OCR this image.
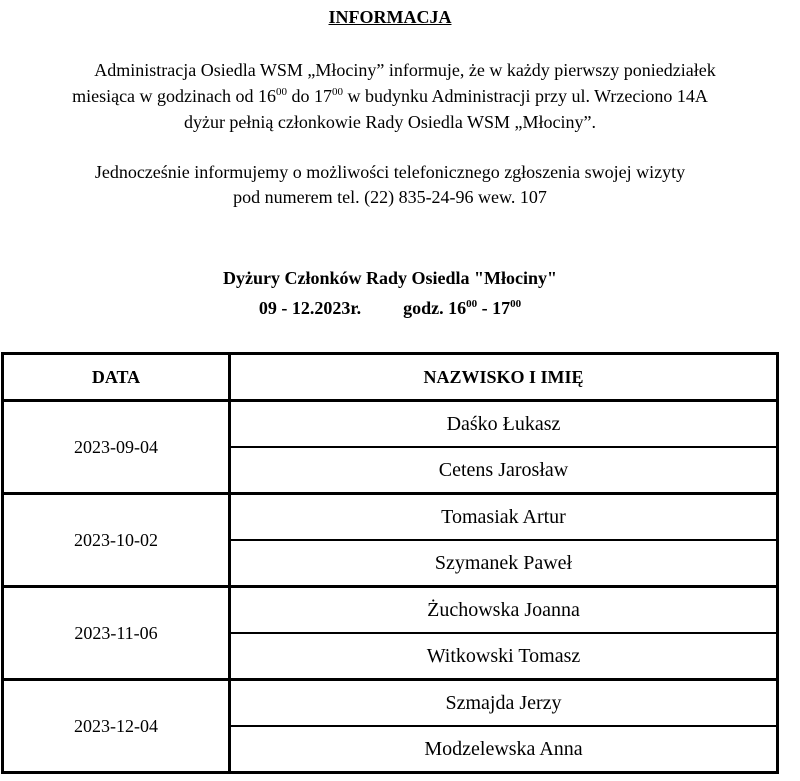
INFORMACJA
Administracja Osiedla WSM „Młociny” informuje, że w każdy pierwszy poniedziałek
miesiąca w godzinach od $16^{00}$ do $17^{00}$ w budynku Administracji przy ul. Wrzeciono 14A
dyżur pełnią członkowie Rady Osiedla WSM „Młociny”.
Jednocześnie informujemy o możliwości telefonicznego zgłoszenia swojej wizyty
pod numerem tel. (22) 835-24-96 wew. 107
Dyżury Członków Rady Osiedla "Młociny"
09 - 12.2023r. godz. $16^{00} - 17^{00}$
DATA	NAZWISKO I IMIĘ
2023-09-04	Daśko Łukasz
	Cetens Jarosław
2023-10-02	Tomasiak Artur
	Szymanek Paweł
2023-11-06	Żuchowska Joanna
	Witkowski Tomasz
2023-12-04	Szmajda Jerzy
	Modzelewska Anna
